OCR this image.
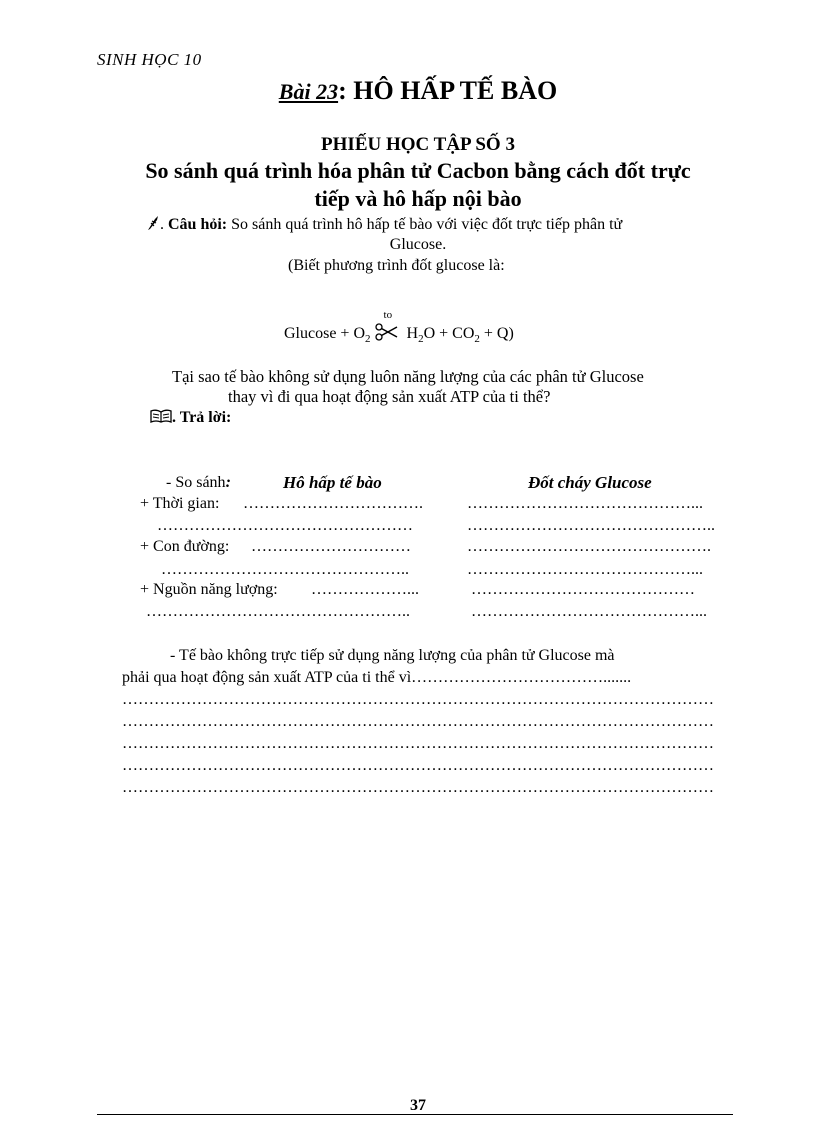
SINH HỌC 10
Bài 23: HÔ HẤP TẾ BÀO
PHIẾU HỌC TẬP SỐ 3
So sánh quá trình hóa phân tử Cacbon bằng cách đốt trực
tiếp và hô hấp nội bào
. Câu hỏi: So sánh quá trình hô hấp tế bào với việc đốt trực tiếp phân tử
Glucose.
(Biết phương trình đốt glucose là:
$Glucose + O_2$
to
$H_2O + CO_2 + Q$)
Tại sao tế bào không sử dụng luôn năng lượng của các phân tử Glucose
thay vì đi qua hoạt động sản xuất ATP của ti thể?
. Trả lời:
- So sánh:	Hô hấp tế bào	Đốt cháy Glucose
+ Thời gian: …………………………….	……………………………………...
…………………………………………	………………………………………..
+ Con đường: …………………………	……………………………………….
………………………………………..	……………………………………...
+ Nguồn năng lượng: ………………...	……………………………………
…………………………………………..	……………………………………...
- Tế bào không trực tiếp sử dụng năng lượng của phân tử Glucose mà
phải qua hoạt động sản xuất ATP của ti thể vì……………………………….......
…………………………………………………………………………………………………
…………………………………………………………………………………………………
…………………………………………………………………………………………………
…………………………………………………………………………………………………
…………………………………………………………………………………………………
37
